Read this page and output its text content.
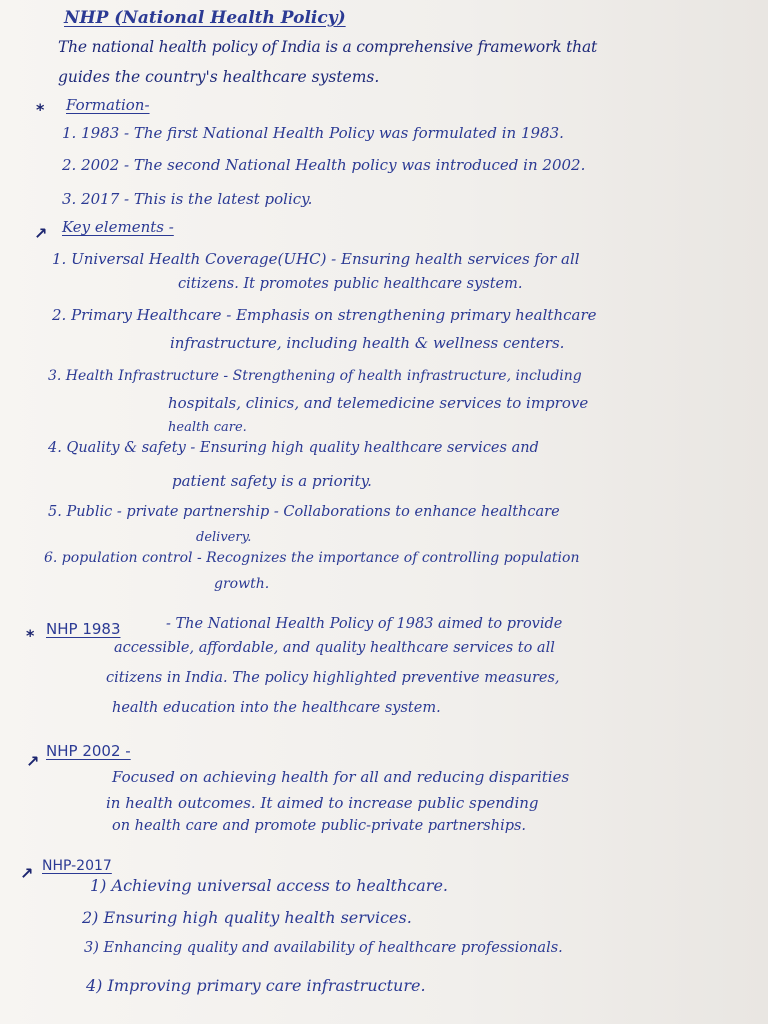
NHP (National Health Policy)
The national health policy of India is a comprehensive framework that
guides the country's healthcare systems.
* Formation-
1. 1983 - The first National Health Policy was formulated in 1983.
2. 2002 - The second National Health policy was introduced in 2002.
3. 2017 - This is the latest policy.
↗ Key elements -
1. Universal Health Coverage(UHC) - Ensuring health services for all
citizens. It promotes public healthcare system.
2. Primary Healthcare - Emphasis on strengthening primary healthcare
infrastructure, including health & wellness centers.
3. Health Infrastructure - Strengthening of health infrastructure, including
hospitals, clinics, and telemedicine services to improve
health care.
4. Quality & safety - Ensuring high quality healthcare services and
patient safety is a priority.
5. Public - private partnership - Collaborations to enhance healthcare
delivery.
6. population control - Recognizes the importance of controlling population
growth.
* NHP 1983	- The National Health Policy of 1983 aimed to provide
accessible, affordable, and quality healthcare services to all
citizens in India. The policy highlighted preventive measures,
health education into the healthcare system.
↗
NHP 2002 -
Focused on achieving health for all and reducing disparities
in health outcomes. It aimed to increase public spending
on health care and promote public-private partnerships.
↗ NHP-2017
1) Achieving universal access to healthcare.
2) Ensuring high quality health services.
3) Enhancing quality and availability of healthcare professionals.
4) Improving primary care infrastructure.
